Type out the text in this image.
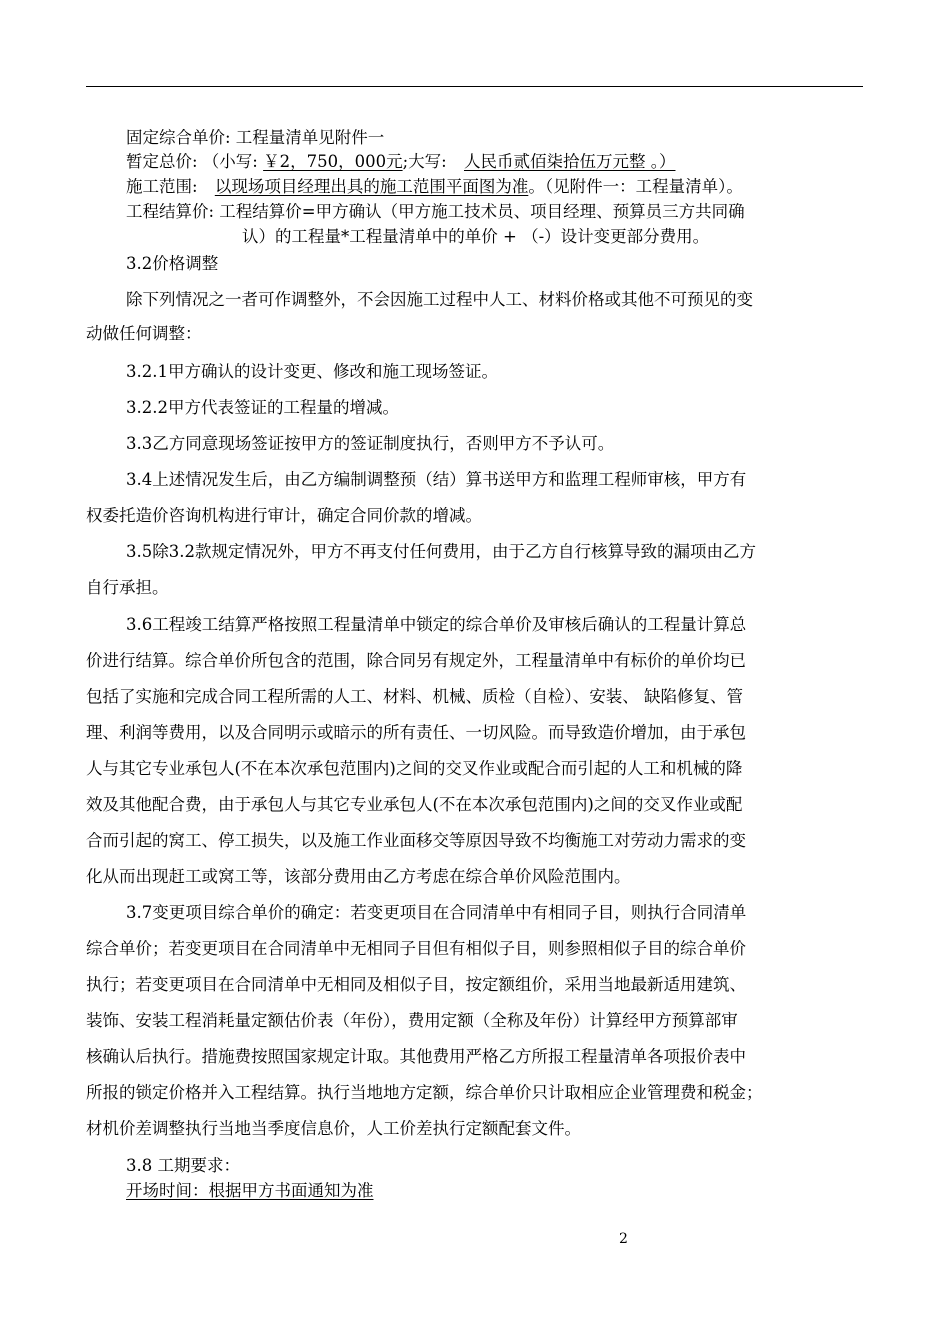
固定综合单价: 工程量清单见附件一
暂定总价: （小写: ￥2，750，000元;大写: 人民币贰佰柒拾伍万元整 。）
施工范围: 以现场项目经理出具的施工范围平面图为准。（见附件一：工程量清单）。
工程结算价: 工程结算价=甲方确认（甲方施工技术员、项目经理、预算员三方共同确
认）的工程量*工程量清单中的单价 + （-）设计变更部分费用。
3.2价格调整
除下列情况之一者可作调整外，不会因施工过程中人工、材料价格或其他不可预见的变
动做任何调整：
3.2.1甲方确认的设计变更、修改和施工现场签证。
3.2.2甲方代表签证的工程量的增减。
3.3乙方同意现场签证按甲方的签证制度执行，否则甲方不予认可。
3.4上述情况发生后，由乙方编制调整预（结）算书送甲方和监理工程师审核，甲方有
权委托造价咨询机构进行审计，确定合同价款的增减。
3.5除3.2款规定情况外，甲方不再支付任何费用，由于乙方自行核算导致的漏项由乙方
自行承担。
3.6工程竣工结算严格按照工程量清单中锁定的综合单价及审核后确认的工程量计算总
价进行结算。综合单价所包含的范围，除合同另有规定外，工程量清单中有标价的单价均已
包括了实施和完成合同工程所需的人工、材料、机械、质检（自检）、安装、 缺陷修复、管
理、利润等费用，以及合同明示或暗示的所有责任、一切风险。而导致造价增加，由于承包
人与其它专业承包人(不在本次承包范围内)之间的交叉作业或配合而引起的人工和机械的降
效及其他配合费，由于承包人与其它专业承包人(不在本次承包范围内)之间的交叉作业或配
合而引起的窝工、停工损失，以及施工作业面移交等原因导致不均衡施工对劳动力需求的变
化从而出现赶工或窝工等，该部分费用由乙方考虑在综合单价风险范围内。
3.7变更项目综合单价的确定：若变更项目在合同清单中有相同子目，则执行合同清单
综合单价；若变更项目在合同清单中无相同子目但有相似子目，则参照相似子目的综合单价
执行；若变更项目在合同清单中无相同及相似子目，按定额组价，采用当地最新适用建筑、
装饰、安装工程消耗量定额估价表（年份），费用定额（全称及年份）计算经甲方预算部审
核确认后执行。措施费按照国家规定计取。其他费用严格乙方所报工程量清单各项报价表中
所报的锁定价格并入工程结算。执行当地地方定额，综合单价只计取相应企业管理费和税金；
材机价差调整执行当地当季度信息价，人工价差执行定额配套文件。
3.8 工期要求：
开场时间：根据甲方书面通知为准
2
